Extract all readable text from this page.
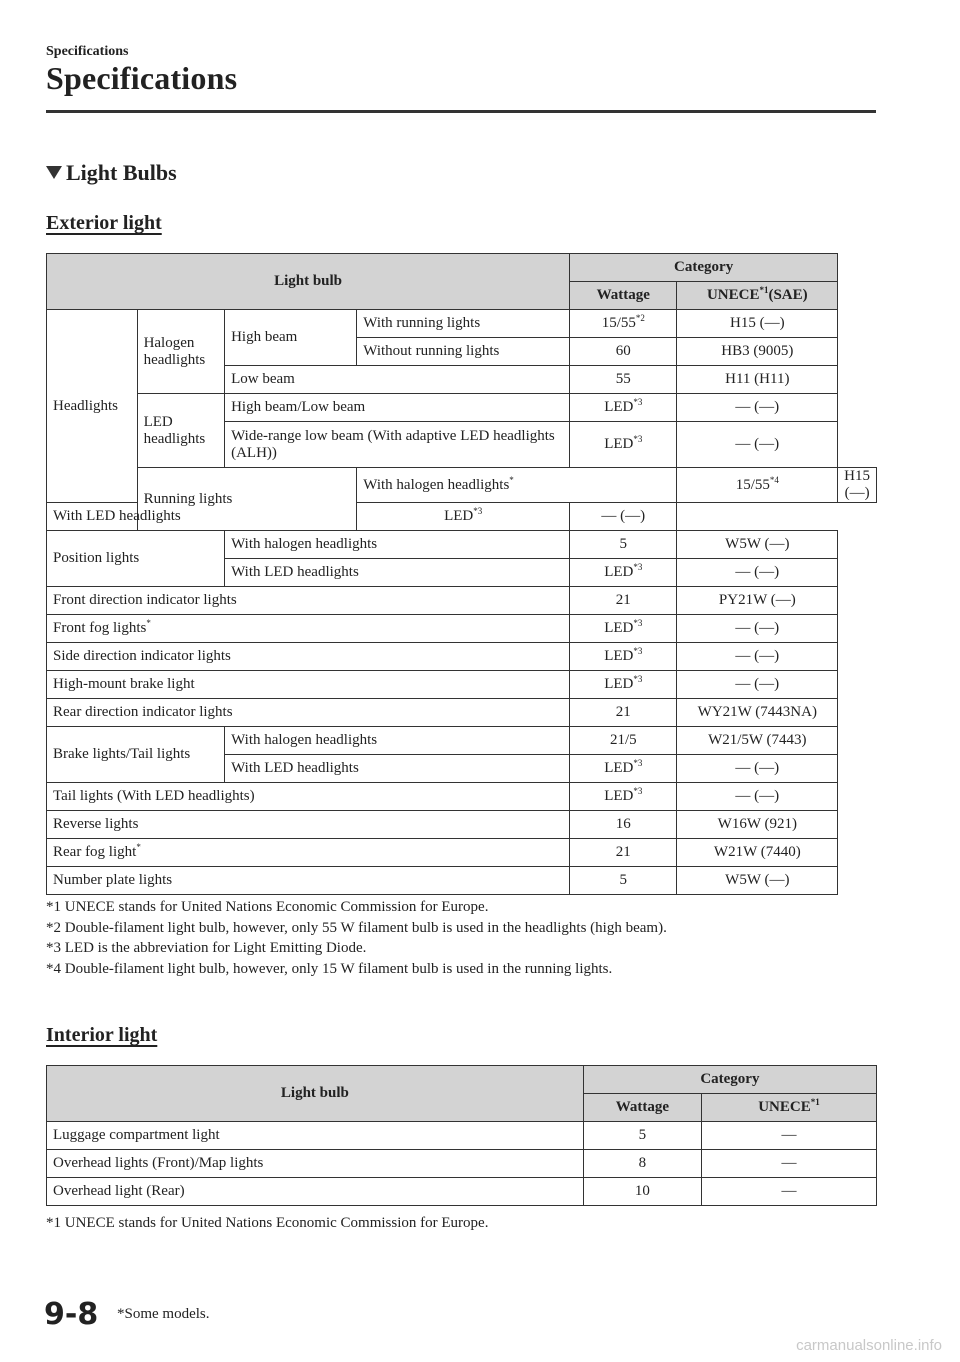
Specifications
Specifications
Light Bulbs
Exterior light
Light bulb				Category		
				Wattage	UNECE$^{*1}$(SAE)	
Headlights	Halogen headlights	High beam	With running lights	15/55$^{*2}$	H15 (—)	
			Without running lights	60	HB3 (9005)	
		Low beam		55	H11 (H11)	
	LED headlights	High beam/Low beam		LED$^{*3}$	— (—)	
		Wide-range low beam (With adaptive LED headlights (ALH))		LED$^{*3}$	— (—)	
	Running lights		With halogen headlights*		15/55$^{*4}$	H15 (—)
With LED headlights			LED$^{*3}$	— (—)		
Position lights		With halogen headlights		5	W5W (—)	
		With LED headlights		LED$^{*3}$	— (—)	
Front direction indicator lights				21	PY21W (—)	
Front fog lights*				LED$^{*3}$	— (—)	
Side direction indicator lights				LED$^{*3}$	— (—)	
High-mount brake light				LED$^{*3}$	— (—)	
Rear direction indicator lights				21	WY21W (7443NA)	
Brake lights/Tail lights		With halogen headlights		21/5	W21/5W (7443)	
		With LED headlights		LED$^{*3}$	— (—)	
Tail lights (With LED headlights)				LED$^{*3}$	— (—)	
Reverse lights				16	W16W (921)	
Rear fog light*				21	W21W (7440)	
Number plate lights				5	W5W (—)	
*1 UNECE stands for United Nations Economic Commission for Europe.
*2 Double-filament light bulb, however, only 55 W filament bulb is used in the headlights (high beam).
*3 LED is the abbreviation for Light Emitting Diode.
*4 Double-filament light bulb, however, only 15 W filament bulb is used in the running lights.
Interior light
Light bulb	Category	
	Wattage	UNECE$^{*1}$
Luggage compartment light	5	—
Overhead lights (Front)/Map lights	8	—
Overhead light (Rear)	10	—
*1 UNECE stands for United Nations Economic Commission for Europe.
9-8 *Some models.
carmanualsonline.info
